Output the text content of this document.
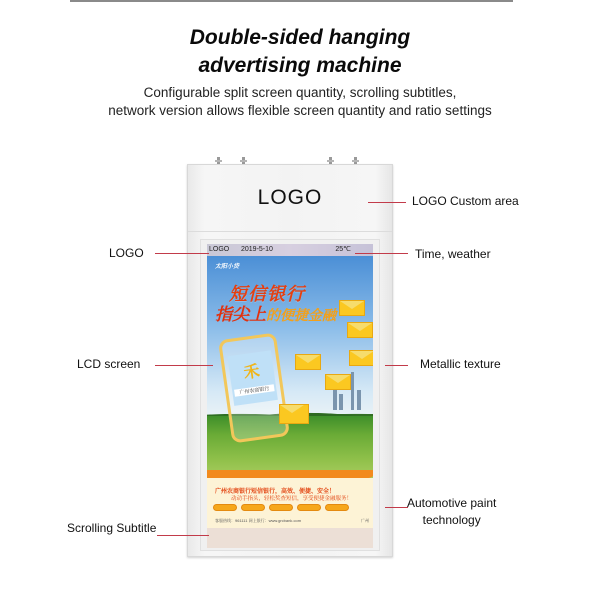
Double-sided hanging
advertising machine
Configurable split screen quantity, scrolling subtitles,
network version allows flexible screen quantity and ratio settings
LOGO
LOGO 2019-5-10	25℃
太阳小贷
短信银行
指尖上的便捷金融
禾
广州农商银行
广州农商银行短信银行，高效、便捷、安全！
动动手指头，轻松奖查短信，享受便捷金融服务！
客服热线：961111 网上银行：www.grcbank.com	广州
LOGO
LCD screen
Scrolling Subtitle
LOGO Custom area
Time, weather
Metallic texture
Automotive paint
technology
